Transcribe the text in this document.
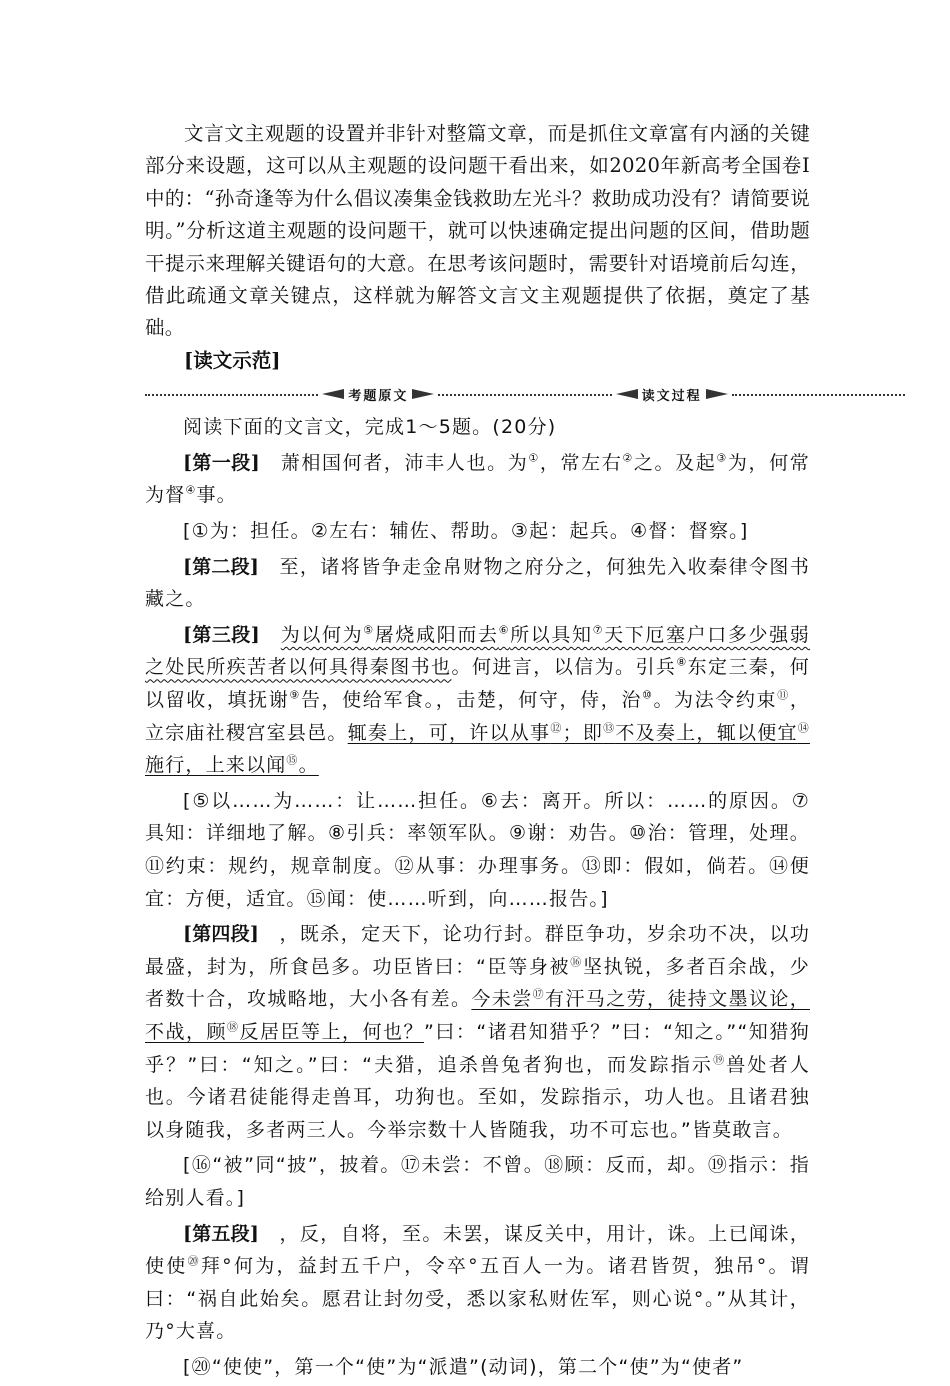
文言文主观题的设置并非针对整篇文章，而是抓住文章富有内涵的关键部分来设题，这可以从主观题的设问题干看出来，如2020年新高考全国卷Ⅰ中的：“孙奇逢等为什么倡议凑集金钱救助左光斗？救助成功没有？请简要说明。”分析这道主观题的设问题干，就可以快速确定提出问题的区间，借助题干提示来理解关键语句的大意。在思考该问题时，需要针对语境前后勾连，借此疏通文章关键点，这样就为解答文言文主观题提供了依据，奠定了基础。

[读文示范]

考题原文	读文过程

阅读下面的文言文，完成1～5题。(20分)

[第一段]　 萧相国何者，沛丰人也。为①，常左右②之。及起③为，何常为督④事。

[①为：担任。②左右：辅佐、帮助。③起：起兵。④督：督察。]

[第二段]　 至，诸将皆争走金帛财物之府分之，何独先入收秦律令图书藏之。

[第三段]　 为以何为⑤屠烧咸阳而去⑥所以具知⑦天下厄塞户口多少强弱之处民所疾苦者以何具得秦图书也。何进言，以信为。引兵⑧东定三秦，何以留收，填抚谢⑨告，使给军食。，击楚，何守，侍，治⑩。为法令约束⑪，立宗庙社稷宫室县邑。辄奏上，可，许以从事⑫；即⑬不及奏上，辄以便宜⑭施行，上来以闻⑮。

[⑤以……为……：让……担任。⑥去：离开。所以：……的原因。⑦具知：详细地了解。⑧引兵：率领军队。⑨谢：劝告。⑩治：管理，处理。⑪约束：规约，规章制度。⑫从事：办理事务。⑬即：假如，倘若。⑭便宜：方便，适宜。⑮闻：使……听到，向……报告。]

[第四段]　 ，既杀，定天下，论功行封。群臣争功，岁余功不决，以功最盛，封为，所食邑多。功臣皆曰：“臣等身被⑯坚执锐，多者百余战，少者数十合，攻城略地，大小各有差。今未尝⑰有汗马之劳，徒持文墨议论，不战，顾⑱反居臣等上，何也？”曰：“诸君知猎乎？”曰：“知之。”“知猎狗乎？”曰：“知之。”曰：“夫猎，追杀兽兔者狗也，而发踪指示⑲兽处者人也。今诸君徒能得走兽耳，功狗也。至如，发踪指示，功人也。且诸君独以身随我，多者两三人。今举宗数十人皆随我，功不可忘也。”皆莫敢言。

[⑯“被”同“披”，披着。⑰未尝：不曾。⑱顾：反而，却。⑲指示：指给别人看。]

[第五段]　 ，反，自将，至。未罢，谋反关中，用计，诛。上已闻诛，使使⑳拜°何为，益封五千户，令卒°五百人一为。诸君皆贺，独吊°。谓曰：“祸自此始矣。愿君让封勿受，悉以家私财佐军，则心说°。”从其计，乃°大喜。

[⑳“使使”，第一个“使”为“派遣”(动词)，第二个“使”为“使者”
